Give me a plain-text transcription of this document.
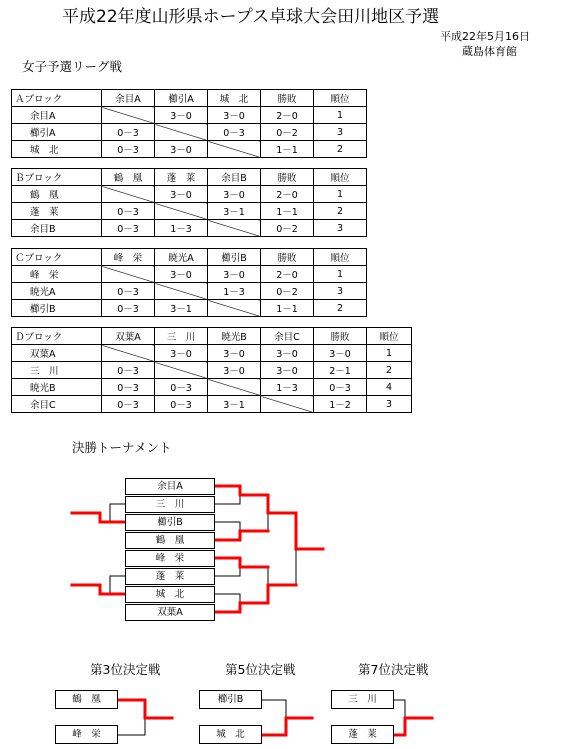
平成22年度山形県ホープス卓球大会田川地区予選
平成22年5月16日
蔵島体育館
女子予選リーグ戦
Ａブロック	余目A	櫛引A	城　北	勝敗	順位
余目A		3－0	3－0	2－0	1
櫛引A	0－3		0－3	0－2	3
城　北	0－3	3－0		1－1	2
Ｂブロック	鶴　凰	蓬　莱	余目B	勝敗	順位
鶴　凰		3－0	3－0	2－0	1
蓬　莱	0－3		3－1	1－1	2
余目B	0－3	1－3		0－2	3
Ｃブロック	峰　栄	暁光A	櫛引B	勝敗	順位
峰　栄		3－0	3－0	2－0	1
暁光A	0－3		1－3	0－2	3
櫛引B	0－3	3－1		1－1	2
Ｄブロック	双葉A	三　川	暁光B	余目C	勝敗	順位
双葉A		3－0	3－0	3－0	3－0	1
三　川	0－3		3－0	3－0	2－1	2
暁光B	0－3	0－3		1－3	0－3	4
余目C	0－3	0－3	3－1		1－2	3
決勝トーナメント
余目A
三　川
櫛引B
鶴　凰
峰　栄
蓬　莱
城　北
双葉A
第3位決定戦	第5位決定戦	第7位決定戦
鶴　凰
峰　栄
櫛引B
城　北
三　川
蓬　莱
